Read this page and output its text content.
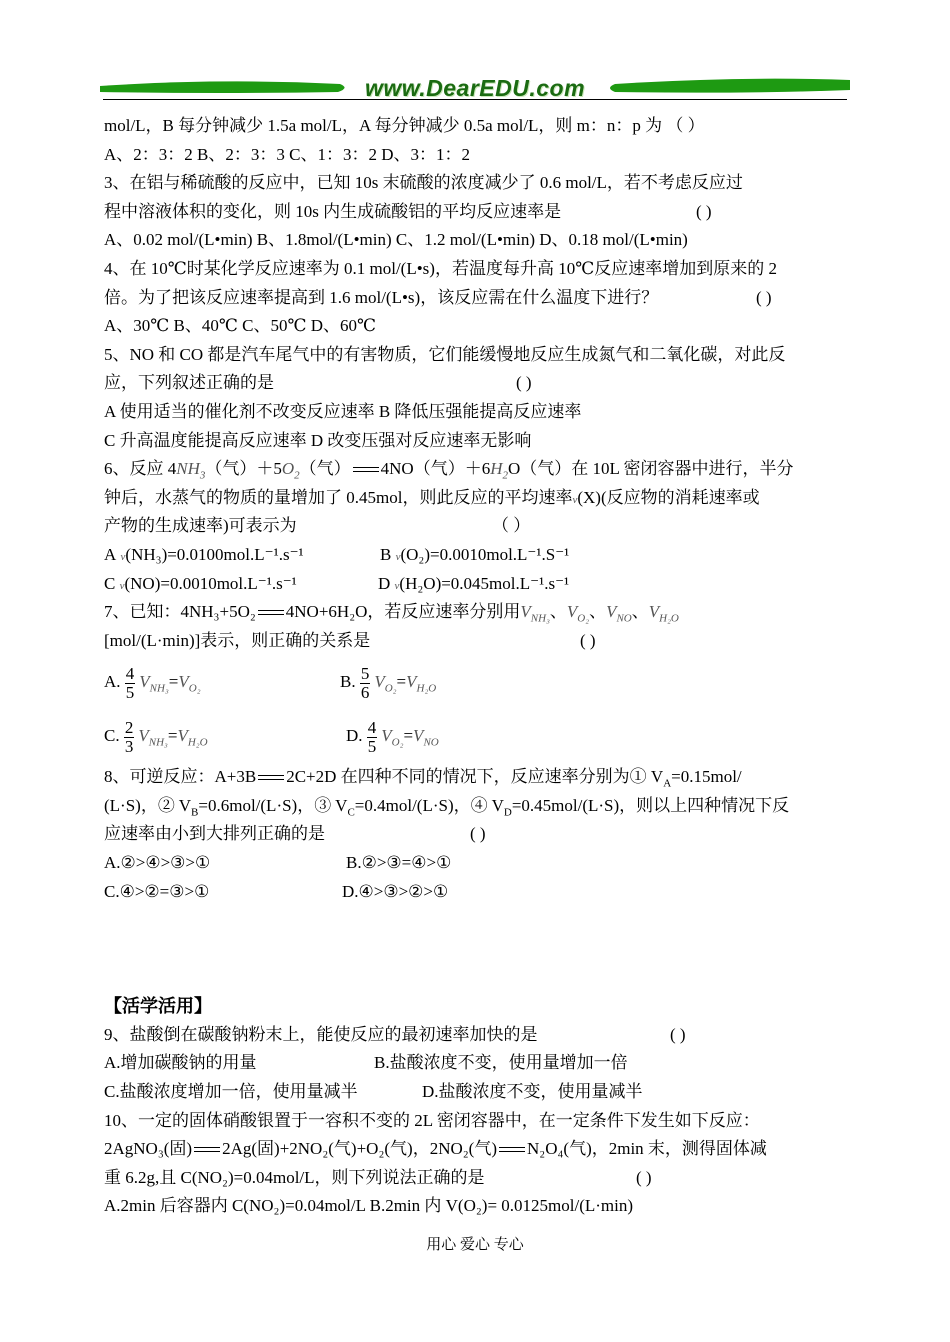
www.DearEDU.com
mol/L，B 每分钟减少 1.5a mol/L，A 每分钟减少 0.5a mol/L，则 m：n：p 为 （ ）
A、2：3：2 B、2：3：3 C、1：3：2 D、3：1：2
3、在铝与稀硫酸的反应中，已知 10s 末硫酸的浓度减少了 0.6 mol/L，若不考虑反应过
程中溶液体积的变化，则 10s 内生成硫酸铝的平均反应速率是	( )
A、0.02 mol/(L•min) B、1.8mol/(L•min) C、1.2 mol/(L•min) D、0.18 mol/(L•min)
4、在 10℃时某化学反应速率为 0.1 mol/(L•s)，若温度每升高 10℃反应速率增加到原来的 2
倍。为了把该反应速率提高到 1.6 mol/(L•s)，该反应需在什么温度下进行？	( )
A、30℃ B、40℃ C、50℃ D、60℃
5、NO 和 CO 都是汽车尾气中的有害物质，它们能缓慢地反应生成氮气和二氧化碳，对此反
应，下列叙述正确的是	( )
A 使用适当的催化剂不改变反应速率 B 降低压强能提高反应速率
C 升高温度能提高反应速率 D 改变压强对反应速率无影响
6、反应 $4NH_3$（气）$+5O_2$（气） 4NO（气）$+6H_2O$（气）在 10L 密闭容器中进行，半分
钟后，水蒸气的物质的量增加了 0.45mol，则此反应的平均速率v(X)(反应物的消耗速率或
产物的生成速率)可表示为	（ ）
A v(NH₃)=0.0100mol.L⁻¹.s⁻¹	B v(O₂)=0.0010mol.L⁻¹.S⁻¹
C v(NO)=0.0010mol.L⁻¹.s⁻¹	D v(H₂O)=0.045mol.L⁻¹.s⁻¹
7、已知：4NH₃+5O₂ 4NO+6H₂O，若反应速率分别用$V_{NH_3}$、$V_{O_2}$、$V_{NO}$、$V_{H_2O}$
[mol/(L·min)]表示，则正确的关系是	( )
A. $\frac{4}{5} V_{NH_3}=V_{O_2}$	B. $\frac{5}{6} V_{O_2}=V_{H_2O}$
C. $\frac{2}{3} V_{NH_3}=V_{H_2O}$	D. $\frac{4}{5} V_{O_2}=V_{NO}$
8、可逆反应：A+3B 2C+2D 在四种不同的情况下，反应速率分别为① $V_A=0.15mol/$
(L·S)，② $V_B=0.6mol/(L\cdot S)$，③ $V_C=0.4mol/(L\cdot S)$，④ $V_D=0.45mol/(L\cdot S)$，则以上四种情况下反
应速率由小到大排列正确的是	( )
A.②>④>③>①	B.②>③=④>①
C.④>②=③>①	D.④>③>②>①
【活学活用】
9、盐酸倒在碳酸钠粉末上，能使反应的最初速率加快的是	( )
A.增加碳酸钠的用量	B.盐酸浓度不变，使用量增加一倍
C.盐酸浓度增加一倍，使用量减半	D.盐酸浓度不变，使用量减半
10、一定的固体硝酸银置于一容积不变的 2L 密闭容器中，在一定条件下发生如下反应：
2AgNO₃(固) 2Ag(固)+2NO₂(气)+O₂(气)，2NO₂(气) N₂O₄(气)，2min 末，测得固体减
重 6.2g,且 C(NO₂)=0.04mol/L，则下列说法正确的是	( )
A.2min 后容器内 C(NO₂)=0.04mol/L B.2min 内 V(O₂)= 0.0125mol/(L·min)
用心 爱心 专心
